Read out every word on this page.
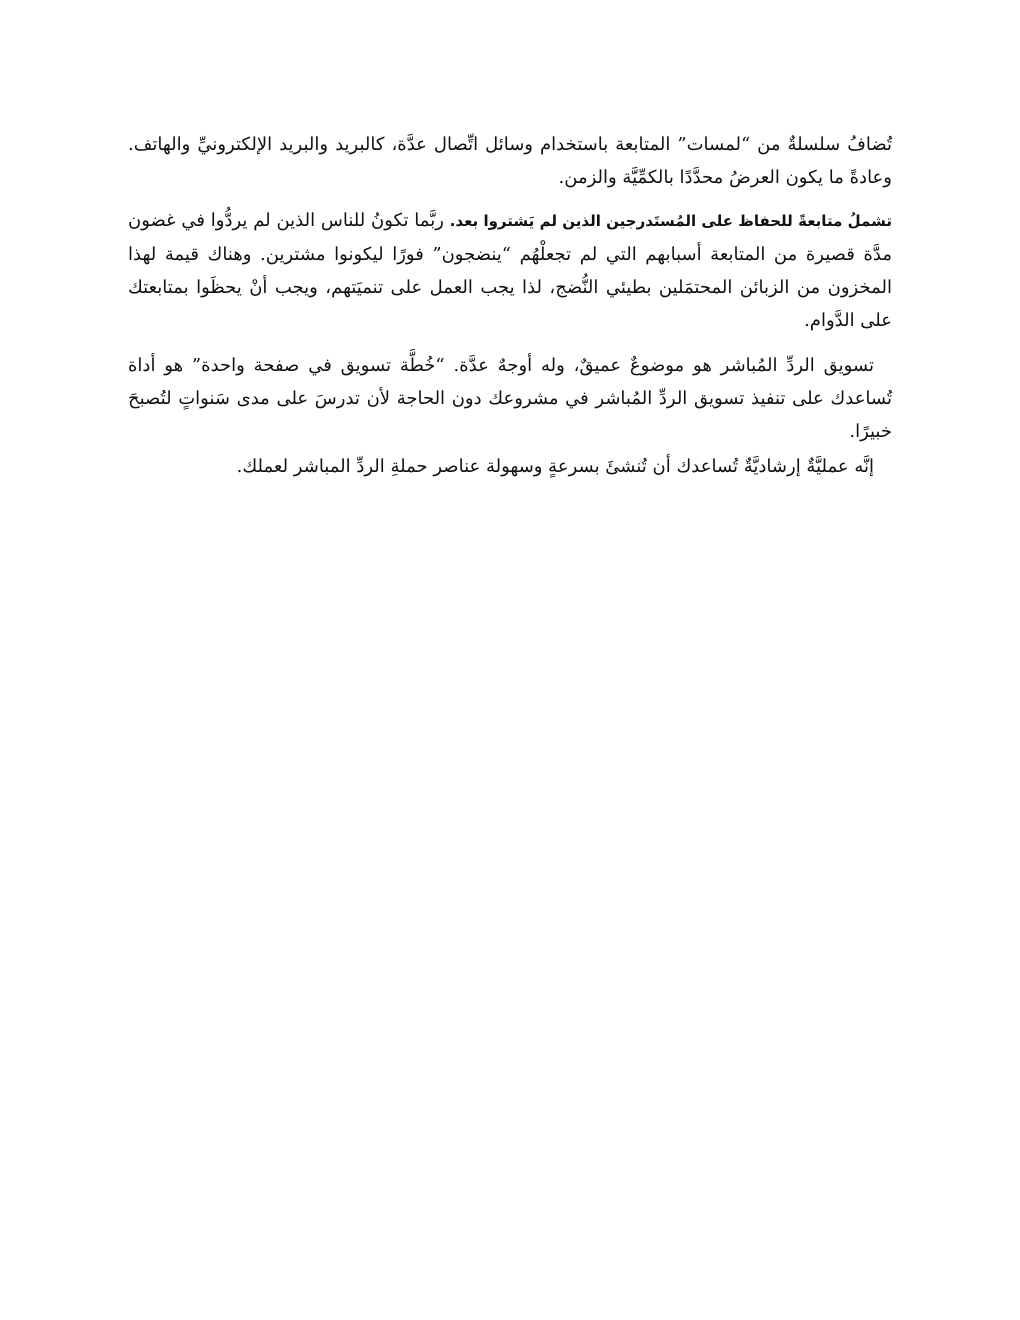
تُضافُ سلسلةٌ من “لمسات” المتابعة باستخدام وسائل اتِّصال عدَّة، كالبريد والبريد الإلكترونيِّ والهاتف. وعادةً ما يكون العرضُ محدَّدًا بالكمِّيَّة والزمن.

تشملُ متابعةً للحفاظ على المُستَدرجين الذين لم يَشتروا بعد. ربَّما تكونُ للناس الذين لم يردُّوا في غضون مدَّة قصيرة من المتابعة أسبابهم التي لم تجعلْهُم “ينضجون” فورًا ليكونوا مشترين. وهناك قيمة لهذا المخزون من الزبائن المحتمَلين بطيئي النُّضج، لذا يجب العمل على تنميَتهم، ويجب أنْ يحظَوا بمتابعتك على الدَّوام.

تسويق الردِّ المُباشر هو موضوعٌ عميقٌ، وله أوجهٌ عدَّة. “خُطَّة تسويق في صفحة واحدة” هو أداة تُساعدك على تنفيذ تسويق الردِّ المُباشر في مشروعك دون الحاجة لأن تدرسَ على مدى سَنواتٍ لتُصبحَ خبيرًا.

إنَّه عمليَّةٌ إرشاديَّةٌ تُساعدك أن تُنشئَ بسرعةٍ وسهولة عناصر حملةِ الردِّ المباشر لعملك.
